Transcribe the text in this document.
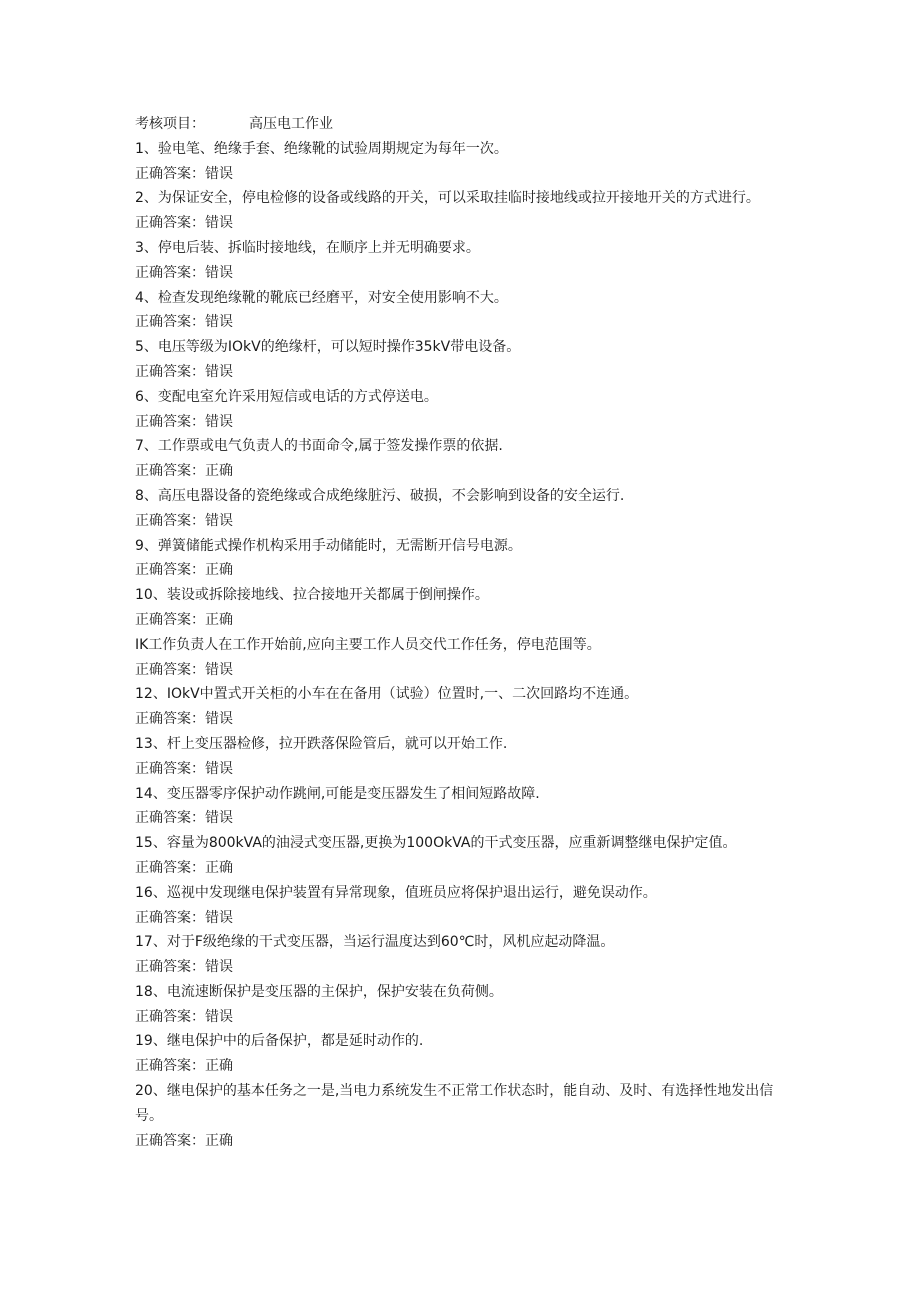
考核项目：	高压电工作业
1、验电笔、绝缘手套、绝缘靴的试验周期规定为每年一次。
正确答案：错误
2、为保证安全，停电检修的设备或线路的开关，可以采取挂临时接地线或拉开接地开关的方式进行。
正确答案：错误
3、停电后装、拆临时接地线，在顺序上并无明确要求。
正确答案：错误
4、检查发现绝缘靴的靴底已经磨平，对安全使用影响不大。
正确答案：错误
5、电压等级为IOkV的绝缘杆，可以短时操作35kV带电设备。
正确答案：错误
6、变配电室允许采用短信或电话的方式停送电。
正确答案：错误
7、工作票或电气负责人的书面命令,属于签发操作票的依据.
正确答案：正确
8、高压电器设备的瓷绝缘或合成绝缘脏污、破损，不会影响到设备的安全运行.
正确答案：错误
9、弹簧储能式操作机构采用手动储能时，无需断开信号电源。
正确答案：正确
10、装设或拆除接地线、拉合接地开关都属于倒闸操作。
正确答案：正确
IK工作负责人在工作开始前,应向主要工作人员交代工作任务，停电范围等。
正确答案：错误
12、IOkV中置式开关柜的小车在在备用（试验）位置时,一、二次回路均不连通。
正确答案：错误
13、杆上变压器检修，拉开跌落保险管后，就可以开始工作.
正确答案：错误
14、变压器零序保护动作跳闸,可能是变压器发生了相间短路故障.
正确答案：错误
15、容量为800kVA的油浸式变压器,更换为100OkVA的干式变压器，应重新调整继电保护定值。
正确答案：正确
16、巡视中发现继电保护装置有异常现象，值班员应将保护退出运行，避免误动作。
正确答案：错误
17、对于F级绝缘的干式变压器，当运行温度达到60℃时，风机应起动降温。
正确答案：错误
18、电流速断保护是变压器的主保护，保护安装在负荷侧。
正确答案：错误
19、继电保护中的后备保护，都是延时动作的.
正确答案：正确
20、继电保护的基本任务之一是,当电力系统发生不正常工作状态时，能自动、及时、有选择性地发出信号。
正确答案：正确
